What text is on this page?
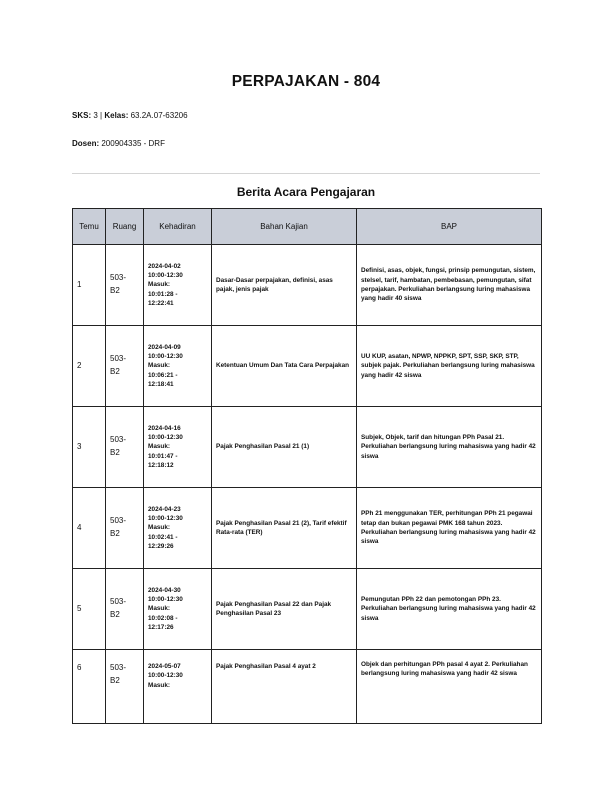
PERPAJAKAN - 804
SKS: 3 | Kelas: 63.2A.07-63206
Dosen: 200904335 - DRF
Berita Acara Pengajaran
Temu	Ruang	Kehadiran	Bahan Kajian	BAP
1	503-
B2	2024-04-02
10:00-12:30
Masuk:
10:01:28 -
12:22:41	Dasar-Dasar perpajakan, definisi, asas pajak, jenis pajak	Definisi, asas, objek, fungsi, prinsip pemungutan, sistem, stelsel, tarif, hambatan, pembebasan, pemungutan, sifat perpajakan. Perkuliahan berlangsung luring mahasiswa yang hadir 40 siswa
2	503-
B2	2024-04-09
10:00-12:30
Masuk:
10:06:21 -
12:18:41	Ketentuan Umum Dan Tata Cara Perpajakan	UU KUP, asatan, NPWP, NPPKP, SPT, SSP, SKP, STP, subjek pajak. Perkuliahan berlangsung luring mahasiswa yang hadir 42 siswa
3	503-
B2	2024-04-16
10:00-12:30
Masuk:
10:01:47 -
12:18:12	Pajak Penghasilan Pasal 21 (1)	Subjek, Objek, tarif dan hitungan PPh Pasal 21. Perkuliahan berlangsung luring mahasiswa yang hadir 42 siswa
4	503-
B2	2024-04-23
10:00-12:30
Masuk:
10:02:41 -
12:29:26	Pajak Penghasilan Pasal 21 (2), Tarif efektif Rata-rata (TER)	PPh 21 menggunakan TER, perhitungan PPh 21 pegawai tetap dan bukan pegawai PMK 168 tahun 2023. Perkuliahan berlangsung luring mahasiswa yang hadir 42 siswa
5	503-
B2	2024-04-30
10:00-12:30
Masuk:
10:02:08 -
12:17:26	Pajak Penghasilan Pasal 22 dan Pajak Penghasilan Pasal 23	Pemungutan PPh 22 dan pemotongan PPh 23. Perkuliahan berlangsung luring mahasiswa yang hadir 42 siswa
6	503-
B2	2024-05-07
10:00-12:30
Masuk:	Pajak Penghasilan Pasal 4 ayat 2	Objek dan perhitungan PPh pasal 4 ayat 2. Perkuliahan berlangsung luring mahasiswa yang hadir 42 siswa
